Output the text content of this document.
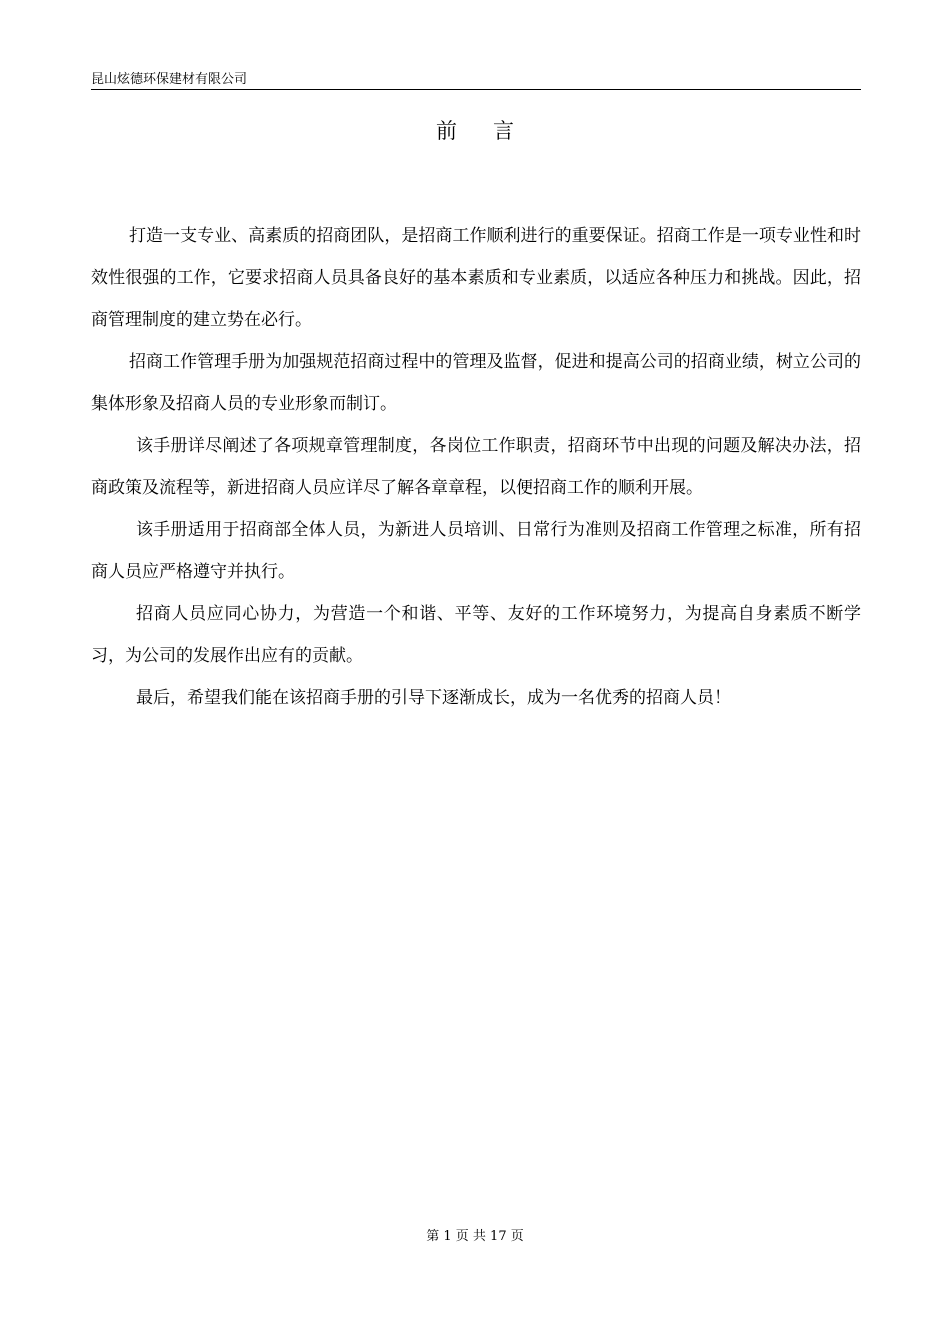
昆山炫德环保建材有限公司
前言

打造一支专业、高素质的招商团队，是招商工作顺利进行的重要保证。招商工作是一项专业性和时效性很强的工作，它要求招商人员具备良好的基本素质和专业素质，以适应各种压力和挑战。因此，招商管理制度的建立势在必行。

招商工作管理手册为加强规范招商过程中的管理及监督，促进和提高公司的招商业绩，树立公司的集体形象及招商人员的专业形象而制订。

该手册详尽阐述了各项规章管理制度，各岗位工作职责，招商环节中出现的问题及解决办法，招商政策及流程等，新进招商人员应详尽了解各章章程，以便招商工作的顺利开展。

该手册适用于招商部全体人员，为新进人员培训、日常行为准则及招商工作管理之标准，所有招商人员应严格遵守并执行。

招商人员应同心协力，为营造一个和谐、平等、友好的工作环境努力，为提高自身素质不断学习，为公司的发展作出应有的贡献。

最后，希望我们能在该招商手册的引导下逐渐成长，成为一名优秀的招商人员！

第 1 页 共 17 页
